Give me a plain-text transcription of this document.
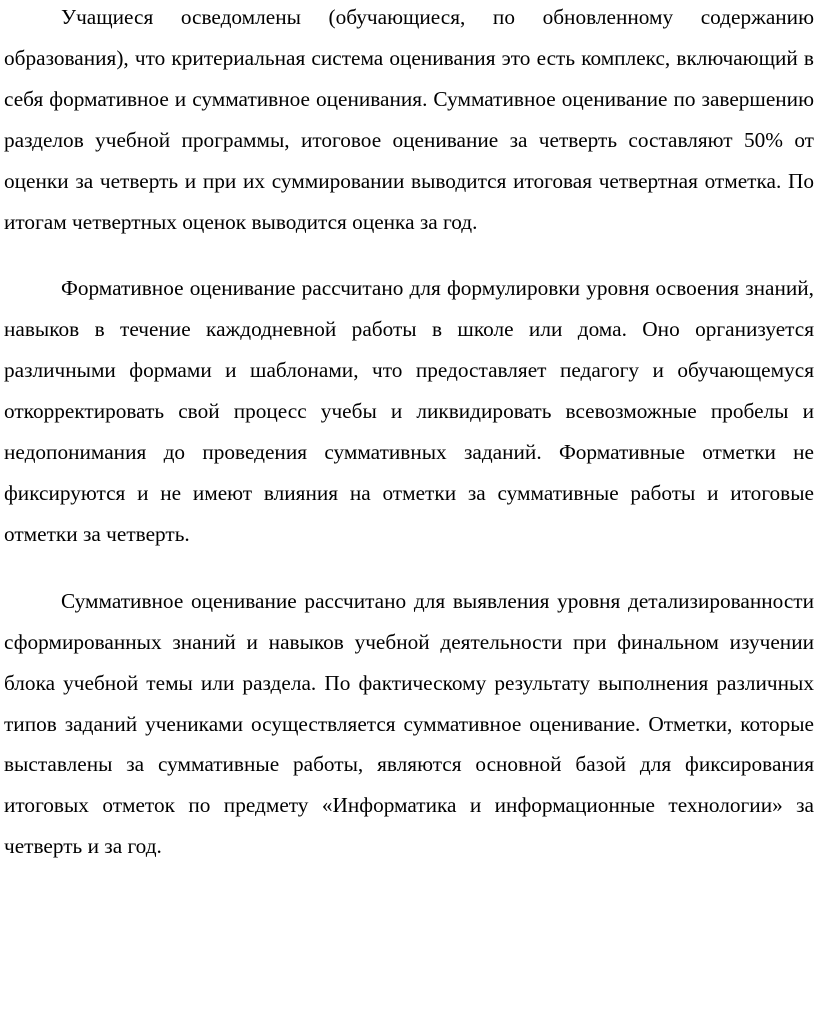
Учащиеся осведомлены (обучающиеся, по обновленному содержанию образования), что критериальная система оценивания это есть комплекс, включающий в себя формативное и суммативное оценивания. Суммативное оценивание по завершению разделов учебной программы, итоговое оценивание за четверть составляют 50% от оценки за четверть и при их суммировании выводится итоговая четвертная отметка. По итогам четвертных оценок выводится оценка за год.

Формативное оценивание рассчитано для формулировки уровня освоения знаний, навыков в течение каждодневной работы в школе или дома. Оно организуется различными формами и шаблонами, что предоставляет педагогу и обучающемуся откорректировать свой процесс учебы и ликвидировать всевозможные пробелы и недопонимания до проведения суммативных заданий. Формативные отметки не фиксируются и не имеют влияния на отметки за суммативные работы и итоговые отметки за четверть.

Суммативное оценивание рассчитано для выявления уровня детализированности сформированных знаний и навыков учебной деятельности при финальном изучении блока учебной темы или раздела. По фактическому результату выполнения различных типов заданий учениками осуществляется суммативное оценивание. Отметки, которые выставлены за суммативные работы, являются основной базой для фиксирования итоговых отметок по предмету «Информатика и информационные технологии» за четверть и за год.
